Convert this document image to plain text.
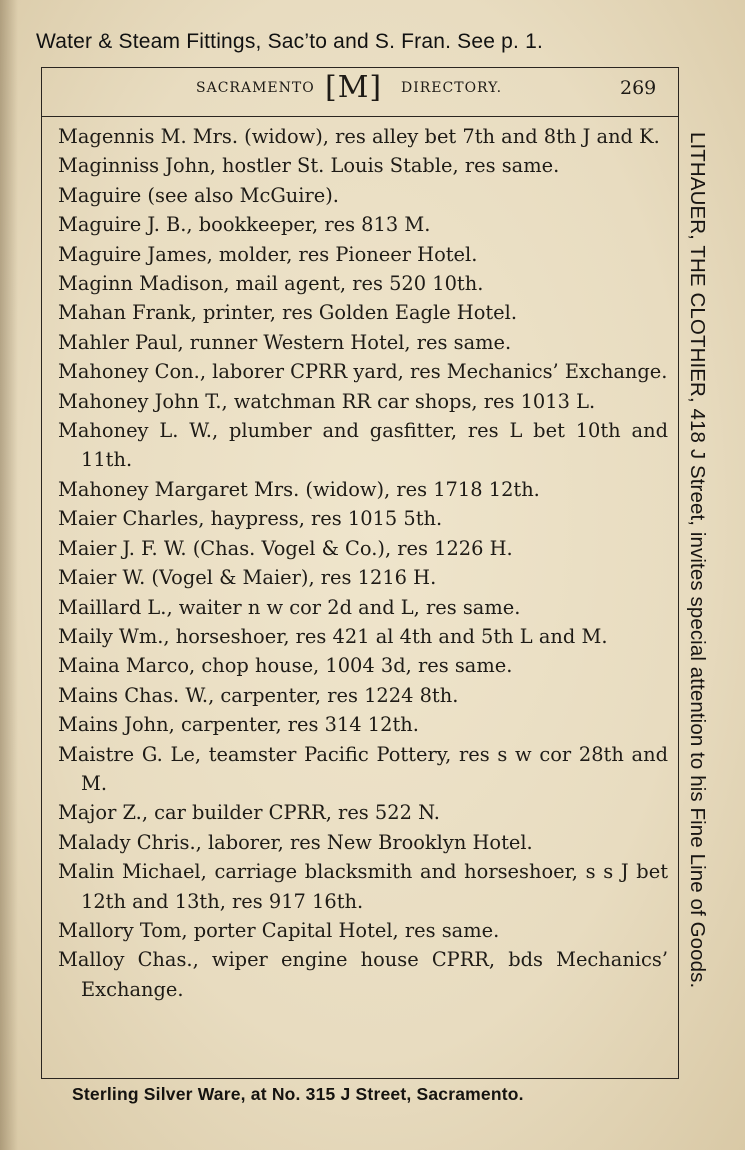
Water & Steam Fittings, Sac’to and S. Fran. See p. 1.
SACRAMENTO [M] DIRECTORY.	269
Magennis M. Mrs. (widow), res alley bet 7th and 8th J and K.
Maginniss John, hostler St. Louis Stable, res same.
Maguire (see also McGuire).
Maguire J. B., bookkeeper, res 813 M.
Maguire James, molder, res Pioneer Hotel.
Maginn Madison, mail agent, res 520 10th.
Mahan Frank, printer, res Golden Eagle Hotel.
Mahler Paul, runner Western Hotel, res same.
Mahoney Con., laborer CPRR yard, res Mechanics’ Exchange.
Mahoney John T., watchman RR car shops, res 1013 L.
Mahoney L. W., plumber and gasfitter, res L bet 10th and 11th.
Mahoney Margaret Mrs. (widow), res 1718 12th.
Maier Charles, haypress, res 1015 5th.
Maier J. F. W. (Chas. Vogel & Co.), res 1226 H.
Maier W. (Vogel & Maier), res 1216 H.
Maillard L., waiter n w cor 2d and L, res same.
Maily Wm., horseshoer, res 421 al 4th and 5th L and M.
Maina Marco, chop house, 1004 3d, res same.
Mains Chas. W., carpenter, res 1224 8th.
Mains John, carpenter, res 314 12th.
Maistre G. Le, teamster Pacific Pottery, res s w cor 28th and M.
Major Z., car builder CPRR, res 522 N.
Malady Chris., laborer, res New Brooklyn Hotel.
Malin Michael, carriage blacksmith and horseshoer, s s J bet 12th and 13th, res 917 16th.
Mallory Tom, porter Capital Hotel, res same.
Malloy Chas., wiper engine house CPRR, bds Mechanics’ Exchange.
LITHAUER, THE CLOTHIER, 418 J Street, invites special attention to his Fine Line of Goods.
Sterling Silver Ware, at No. 315 J Street, Sacramento.
